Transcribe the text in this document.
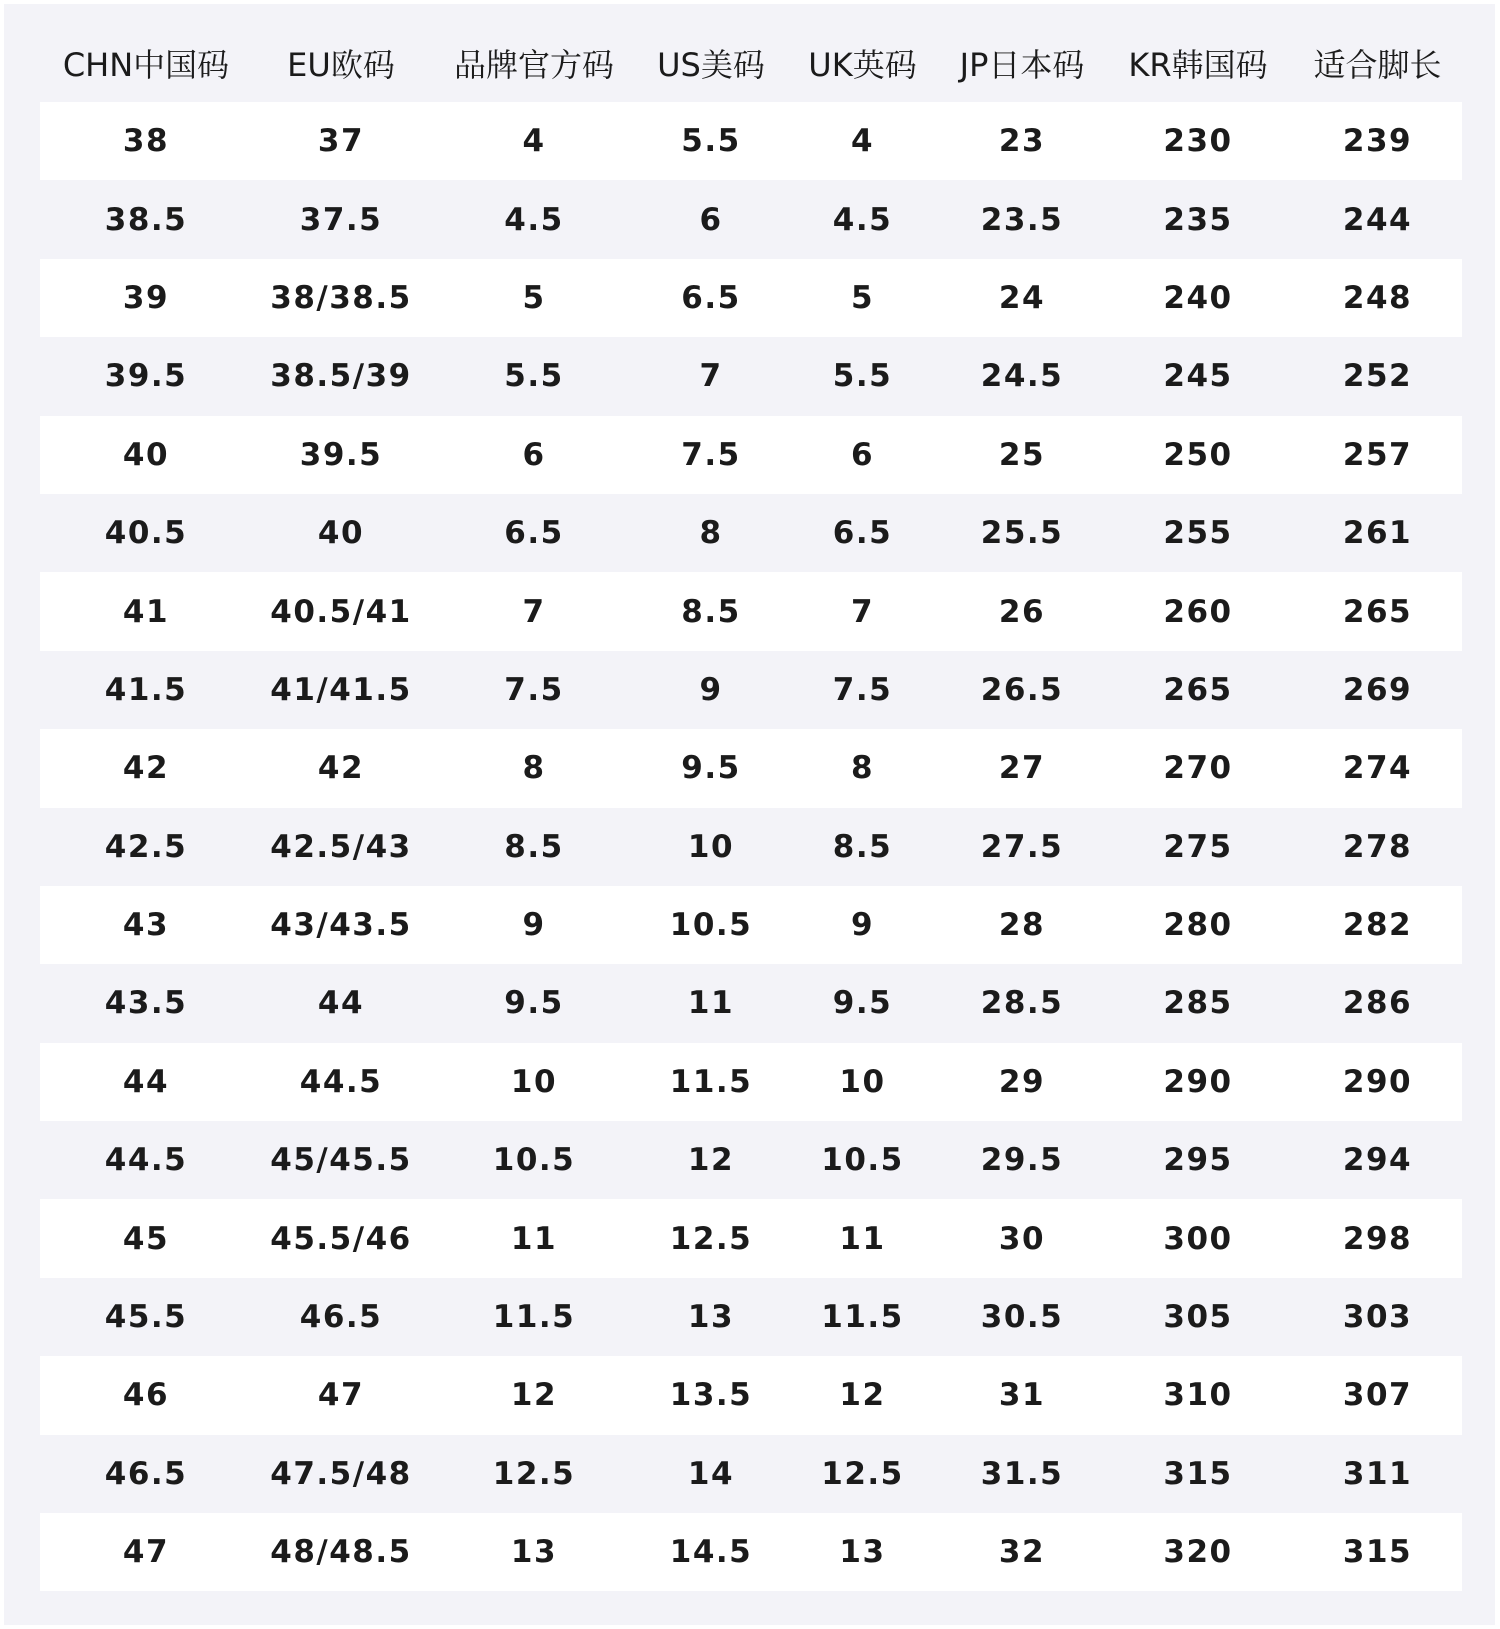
CHN中国码	EU欧码	品牌官方码	US美码	UK英码	JP日本码	KR韩国码	适合脚长
38	37	4	5.5	4	23	230	239
38.5	37.5	4.5	6	4.5	23.5	235	244
39	38/38.5	5	6.5	5	24	240	248
39.5	38.5/39	5.5	7	5.5	24.5	245	252
40	39.5	6	7.5	6	25	250	257
40.5	40	6.5	8	6.5	25.5	255	261
41	40.5/41	7	8.5	7	26	260	265
41.5	41/41.5	7.5	9	7.5	26.5	265	269
42	42	8	9.5	8	27	270	274
42.5	42.5/43	8.5	10	8.5	27.5	275	278
43	43/43.5	9	10.5	9	28	280	282
43.5	44	9.5	11	9.5	28.5	285	286
44	44.5	10	11.5	10	29	290	290
44.5	45/45.5	10.5	12	10.5	29.5	295	294
45	45.5/46	11	12.5	11	30	300	298
45.5	46.5	11.5	13	11.5	30.5	305	303
46	47	12	13.5	12	31	310	307
46.5	47.5/48	12.5	14	12.5	31.5	315	311
47	48/48.5	13	14.5	13	32	320	315
